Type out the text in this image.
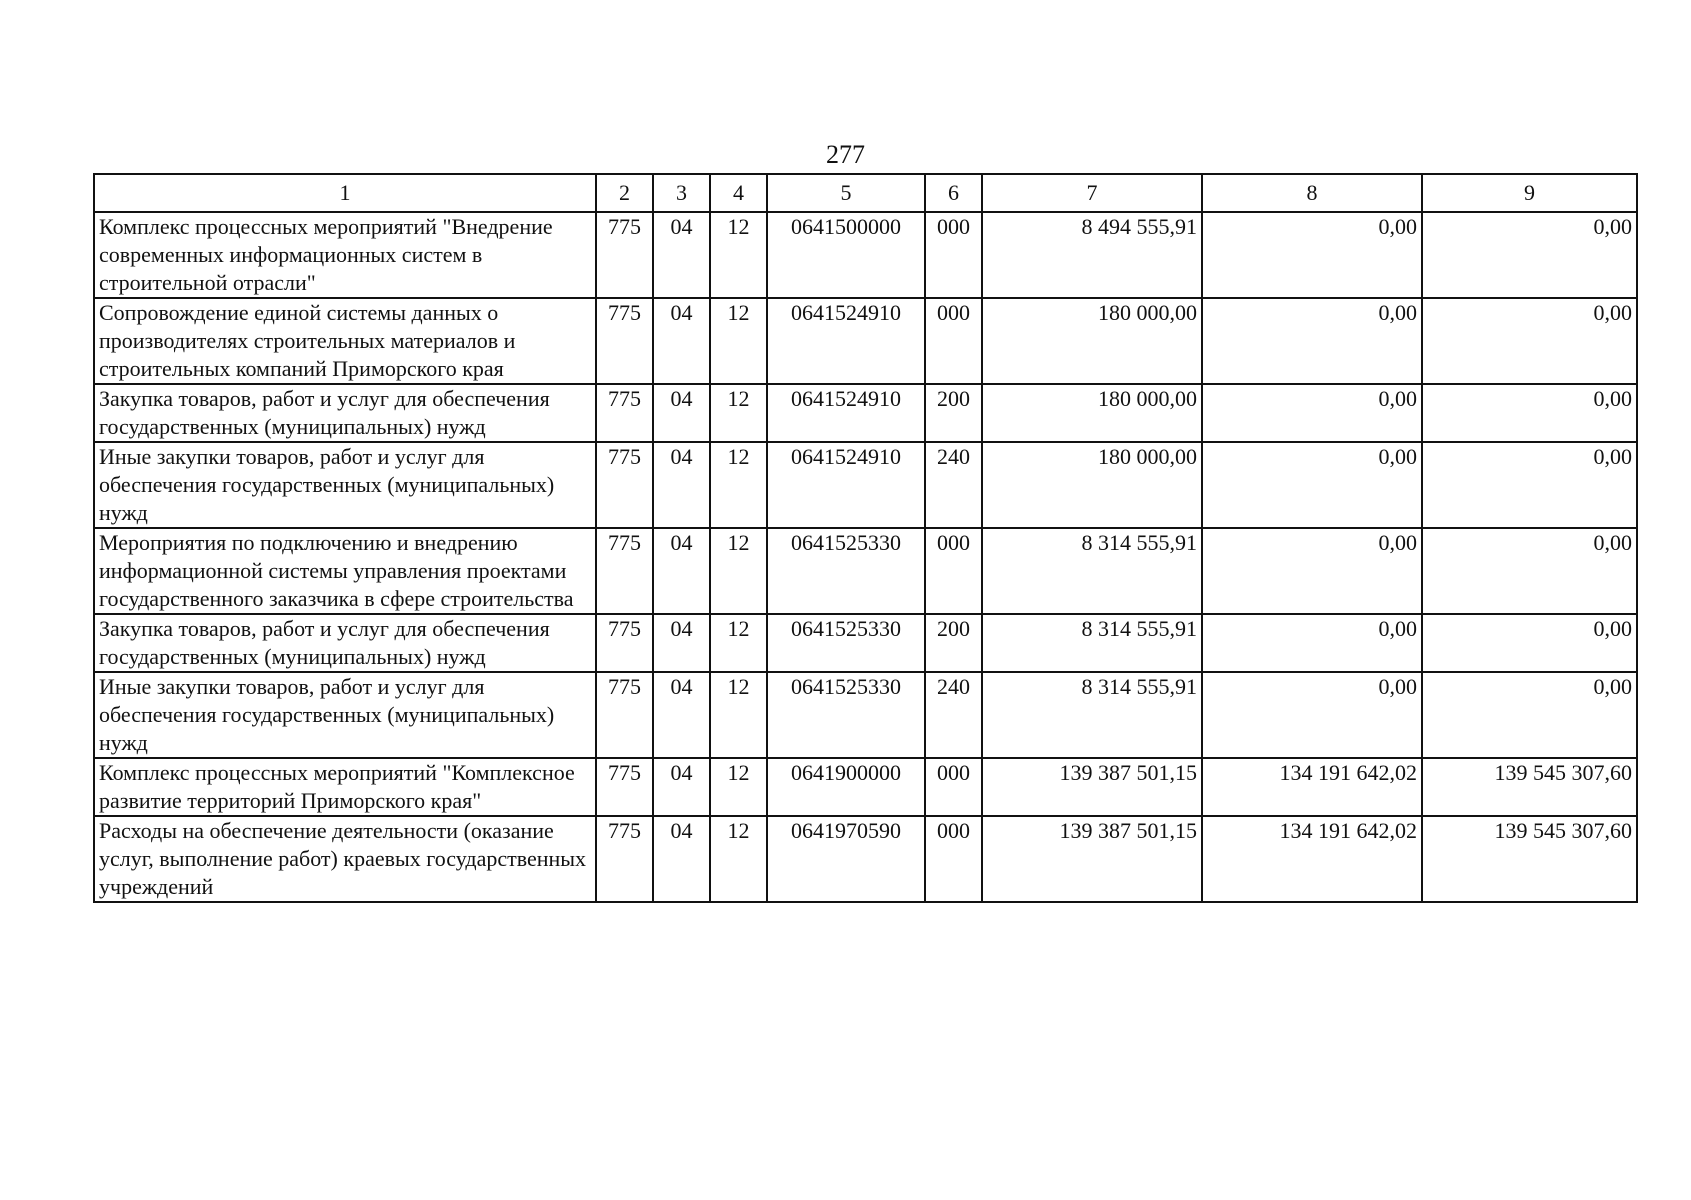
277
1	2	3	4	5	6	7	8	9
Комплекс процессных мероприятий "Внедрение современных информационных систем в строительной отрасли"	775	04	12	0641500000	000	8 494 555,91	0,00	0,00
Сопровождение единой системы данных о производителях строительных материалов и строительных компаний Приморского края	775	04	12	0641524910	000	180 000,00	0,00	0,00
Закупка товаров, работ и услуг для обеспечения государственных (муниципальных) нужд	775	04	12	0641524910	200	180 000,00	0,00	0,00
Иные закупки товаров, работ и услуг для обеспечения государственных (муниципальных) нужд	775	04	12	0641524910	240	180 000,00	0,00	0,00
Мероприятия по подключению и внедрению информационной системы управления проектами государственного заказчика в сфере строительства	775	04	12	0641525330	000	8 314 555,91	0,00	0,00
Закупка товаров, работ и услуг для обеспечения государственных (муниципальных) нужд	775	04	12	0641525330	200	8 314 555,91	0,00	0,00
Иные закупки товаров, работ и услуг для обеспечения государственных (муниципальных) нужд	775	04	12	0641525330	240	8 314 555,91	0,00	0,00
Комплекс процессных мероприятий "Комплексное развитие территорий Приморского края"	775	04	12	0641900000	000	139 387 501,15	134 191 642,02	139 545 307,60
Расходы на обеспечение деятельности (оказание услуг, выполнение работ) краевых государственных учреждений	775	04	12	0641970590	000	139 387 501,15	134 191 642,02	139 545 307,60
